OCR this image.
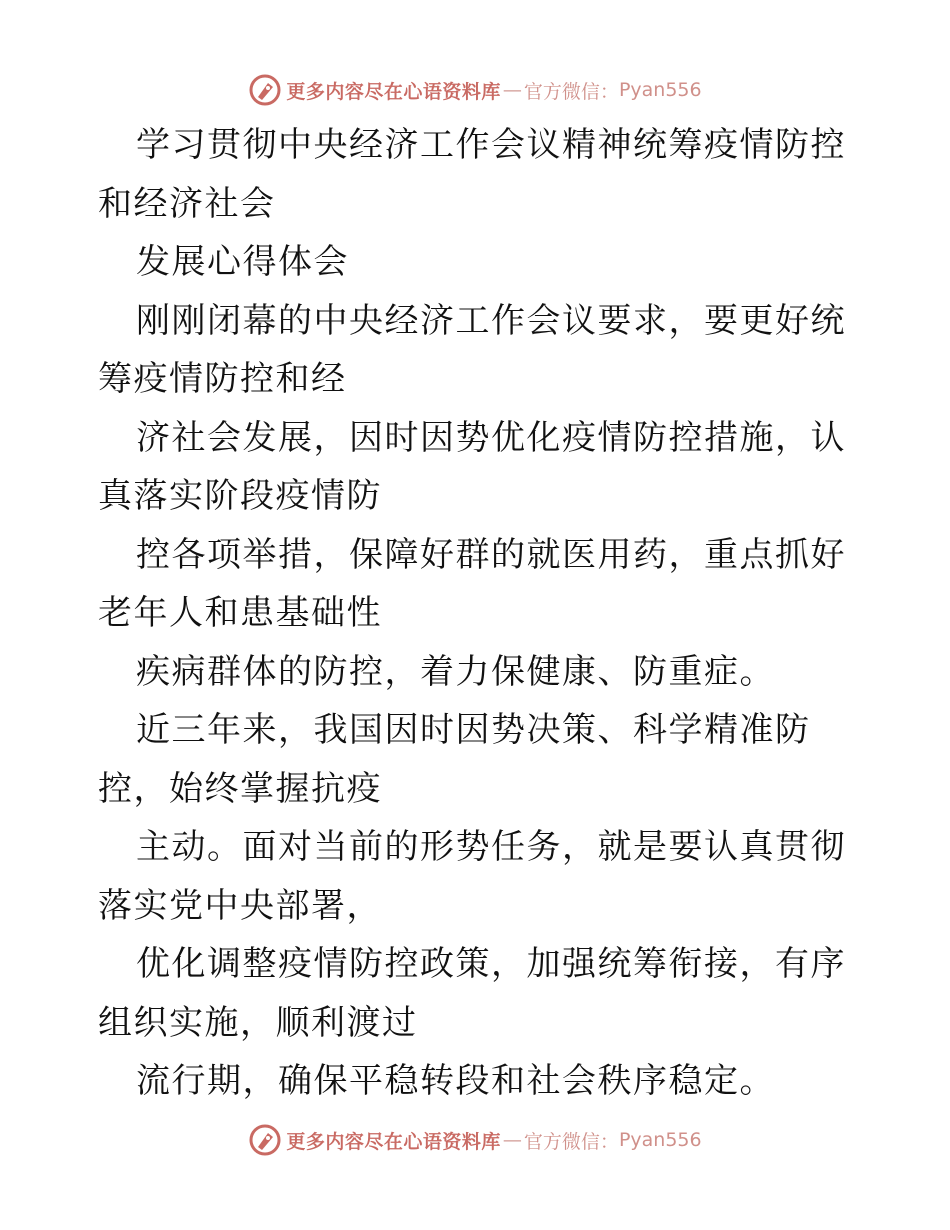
更多内容尽在心语资料库 — 官方微信： Pyan556

学习贯彻中央经济工作会议精神统筹疫情防控和经济社会

发展心得体会

刚刚闭幕的中央经济工作会议要求，要更好统筹疫情防控和经

济社会发展，因时因势优化疫情防控措施，认真落实阶段疫情防

控各项举措，保障好群的就医用药，重点抓好老年人和患基础性

疾病群体的防控，着力保健康、防重症。

近三年来，我国因时因势决策、科学精准防控，始终掌握抗疫

主动。面对当前的形势任务，就是要认真贯彻落实党中央部署，

优化调整疫情防控政策，加强统筹衔接，有序组织实施，顺利渡过

流行期，确保平稳转段和社会秩序稳定。

更多内容尽在心语资料库 — 官方微信： Pyan556
